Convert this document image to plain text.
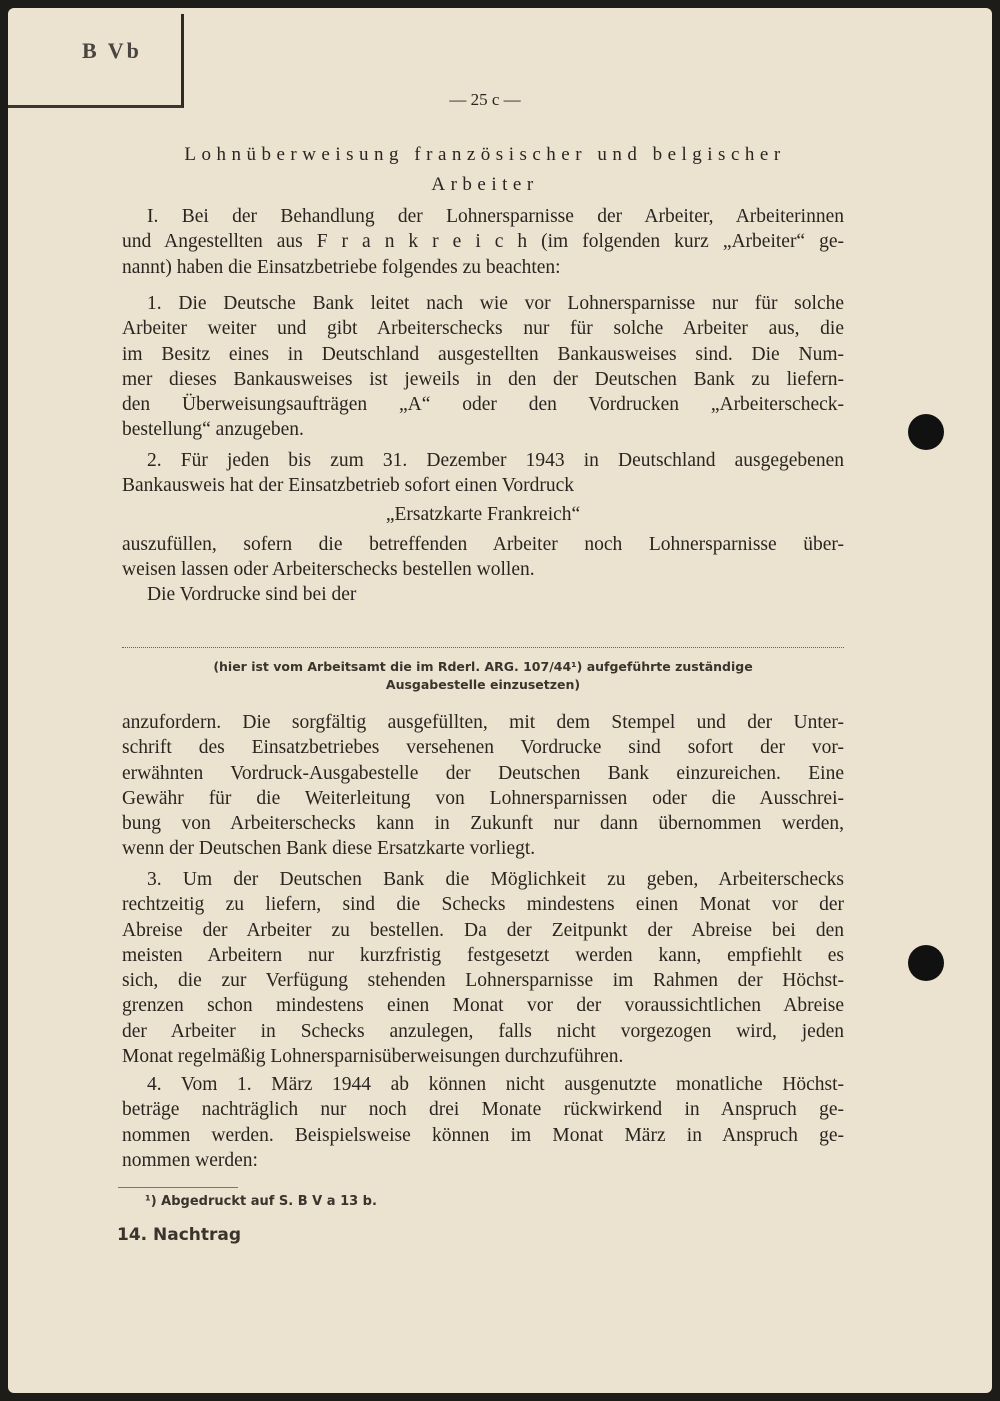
B Vb
— 25 c —
Lohnüberweisung französischer und belgischer
Arbeiter
I. Bei der Behandlung der Lohnersparnisse der Arbeiter, Arbeiterinnen
und Angestellten aus F r a n k r e i c h (im folgenden kurz „Arbeiter“ ge-
nannt) haben die Einsatzbetriebe folgendes zu beachten:
1. Die Deutsche Bank leitet nach wie vor Lohnersparnisse nur für solche
Arbeiter weiter und gibt Arbeiterschecks nur für solche Arbeiter aus, die
im Besitz eines in Deutschland ausgestellten Bankausweises sind. Die Num-
mer dieses Bankausweises ist jeweils in den der Deutschen Bank zu liefern-
den Überweisungsaufträgen „A“ oder den Vordrucken „Arbeiterscheck-
bestellung“ anzugeben.
2. Für jeden bis zum 31. Dezember 1943 in Deutschland ausgegebenen
Bankausweis hat der Einsatzbetrieb sofort einen Vordruck
„Ersatzkarte Frankreich“
auszufüllen, sofern die betreffenden Arbeiter noch Lohnersparnisse über-
weisen lassen oder Arbeiterschecks bestellen wollen.
Die Vordrucke sind bei der
(hier ist vom Arbeitsamt die im Rderl. ARG. 107/44¹) aufgeführte zuständige
Ausgabestelle einzusetzen)
anzufordern. Die sorgfältig ausgefüllten, mit dem Stempel und der Unter-
schrift des Einsatzbetriebes versehenen Vordrucke sind sofort der vor-
erwähnten Vordruck-Ausgabestelle der Deutschen Bank einzureichen. Eine
Gewähr für die Weiterleitung von Lohnersparnissen oder die Ausschrei-
bung von Arbeiterschecks kann in Zukunft nur dann übernommen werden,
wenn der Deutschen Bank diese Ersatzkarte vorliegt.
3. Um der Deutschen Bank die Möglichkeit zu geben, Arbeiterschecks
rechtzeitig zu liefern, sind die Schecks mindestens einen Monat vor der
Abreise der Arbeiter zu bestellen. Da der Zeitpunkt der Abreise bei den
meisten Arbeitern nur kurzfristig festgesetzt werden kann, empfiehlt es
sich, die zur Verfügung stehenden Lohnersparnisse im Rahmen der Höchst-
grenzen schon mindestens einen Monat vor der voraussichtlichen Abreise
der Arbeiter in Schecks anzulegen, falls nicht vorgezogen wird, jeden
Monat regelmäßig Lohnersparnisüberweisungen durchzuführen.
4. Vom 1. März 1944 ab können nicht ausgenutzte monatliche Höchst-
beträge nachträglich nur noch drei Monate rückwirkend in Anspruch ge-
nommen werden. Beispielsweise können im Monat März in Anspruch ge-
nommen werden:
¹) Abgedruckt auf S. B V a 13 b.
14. Nachtrag
